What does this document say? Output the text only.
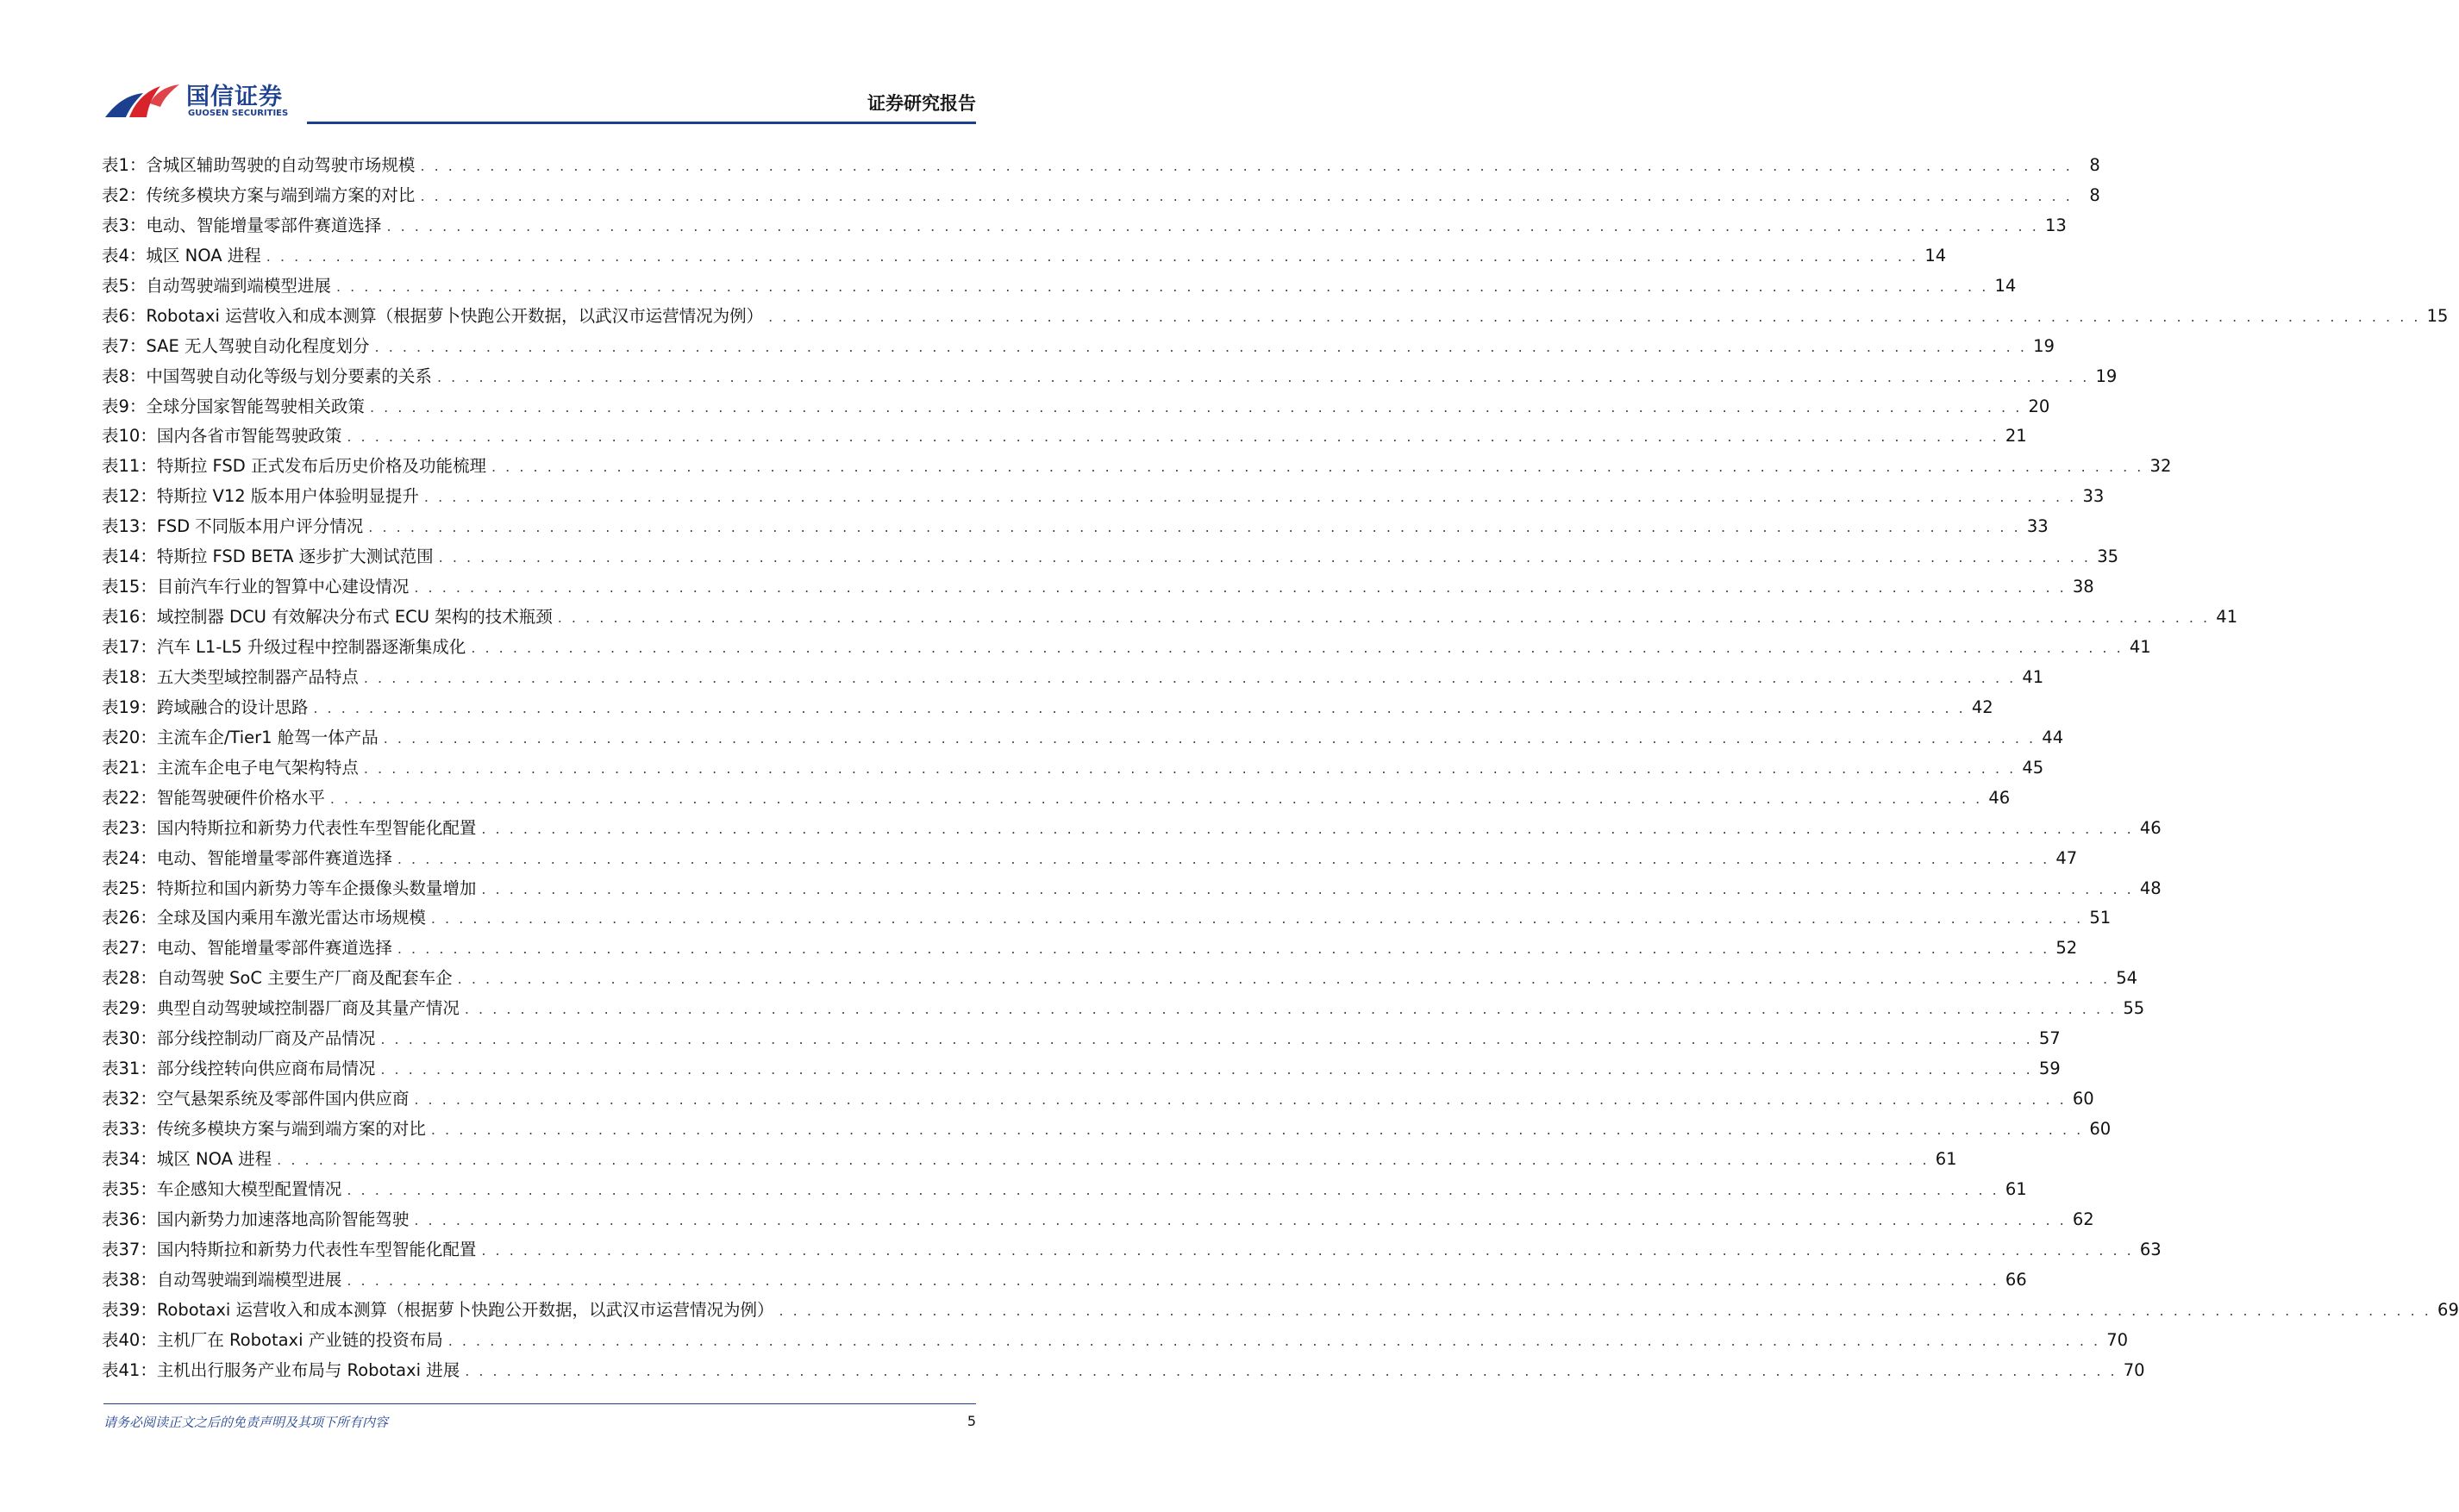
国信证券
GUOSEN SECURITIES	证券研究报告
表1： 含城区辅助驾驶的自动驾驶市场规模 . . .	8
表2： 传统多模块方案与端到端方案的对比 . . .	8
表3： 电动、智能增量零部件赛道选择 . . .	13
表4： 城区 NOA 进程 . . .	14
表5： 自动驾驶端到端模型进展 . . .	14
表6： Robotaxi 运营收入和成本测算（根据萝卜快跑公开数据，以武汉市运营情况为例） . . .	15
表7： SAE 无人驾驶自动化程度划分 . . .	19
表8： 中国驾驶自动化等级与划分要素的关系 . . .	19
表9： 全球分国家智能驾驶相关政策 . . .	20
表10： 国内各省市智能驾驶政策 . . .	21
表11： 特斯拉 FSD 正式发布后历史价格及功能梳理 . . .	32
表12： 特斯拉 V12 版本用户体验明显提升 . . .	33
表13： FSD 不同版本用户评分情况 . . .	33
表14： 特斯拉 FSD BETA 逐步扩大测试范围 . . .	35
表15： 目前汽车行业的智算中心建设情况 . . .	38
表16： 域控制器 DCU 有效解决分布式 ECU 架构的技术瓶颈 . . .	41
表17： 汽车 L1-L5 升级过程中控制器逐渐集成化 . . .	41
表18： 五大类型域控制器产品特点 . . .	41
表19： 跨域融合的设计思路 . . .	42
表20： 主流车企/Tier1 舱驾一体产品 . . .	44
表21： 主流车企电子电气架构特点 . . .	45
表22： 智能驾驶硬件价格水平 . . .	46
表23： 国内特斯拉和新势力代表性车型智能化配置 . . .	46
表24： 电动、智能增量零部件赛道选择 . . .	47
表25： 特斯拉和国内新势力等车企摄像头数量增加 . . .	48
表26： 全球及国内乘用车激光雷达市场规模 . . .	51
表27： 电动、智能增量零部件赛道选择 . . .	52
表28： 自动驾驶 SoC 主要生产厂商及配套车企 . . .	54
表29： 典型自动驾驶域控制器厂商及其量产情况 . . .	55
表30： 部分线控制动厂商及产品情况 . . .	57
表31： 部分线控转向供应商布局情况 . . .	59
表32： 空气悬架系统及零部件国内供应商 . . .	60
表33： 传统多模块方案与端到端方案的对比 . . .	60
表34： 城区 NOA 进程 . . .	61
表35： 车企感知大模型配置情况 . . .	61
表36： 国内新势力加速落地高阶智能驾驶 . . .	62
表37： 国内特斯拉和新势力代表性车型智能化配置 . . .	63
表38： 自动驾驶端到端模型进展 . . .	66
表39： Robotaxi 运营收入和成本测算（根据萝卜快跑公开数据，以武汉市运营情况为例） . . .	69
表40： 主机厂在 Robotaxi 产业链的投资布局 . . .	70
表41： 主机出行服务产业布局与 Robotaxi 进展 . . .	70
请务必阅读正文之后的免责声明及其项下所有内容	5
